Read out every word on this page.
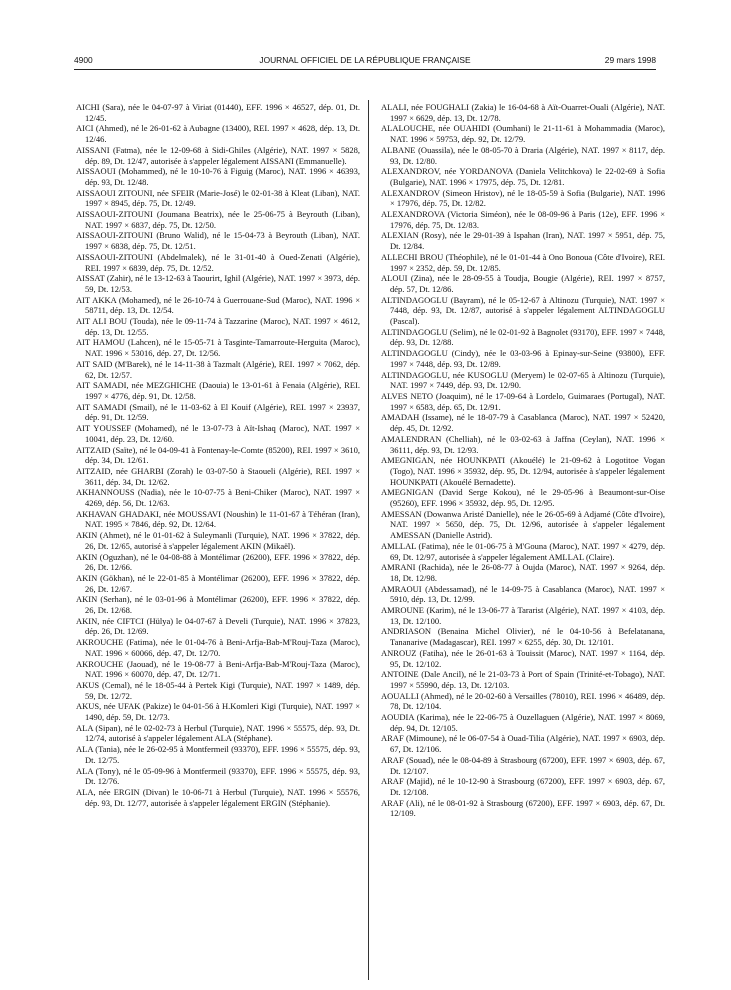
4900	JOURNAL OFFICIEL DE LA RÉPUBLIQUE FRANÇAISE	29 mars 1998

AICHI (Sara), née le 04-07-97 à Viriat (01440), EFF. 1996 × 46527, dép. 01, Dt. 12/45.

AICI (Ahmed), né le 26-01-62 à Aubagne (13400), REI. 1997 × 4628, dép. 13, Dt. 12/46.

AISSANI (Fatma), née le 12-09-68 à Sidi-Ghiles (Algérie), NAT. 1997 × 5828, dép. 89, Dt. 12/47, autorisée à s'appeler légalement AISSANI (Emmanuelle).

AISSAOUI (Mohammed), né le 10-10-76 à Figuig (Maroc), NAT. 1996 × 46393, dép. 93, Dt. 12/48.

AISSAOUI ZITOUNI, née SFEIR (Marie-José) le 02-01-38 à Kleat (Liban), NAT. 1997 × 8945, dép. 75, Dt. 12/49.

AISSAOUI-ZITOUNI (Joumana Beatrix), née le 25-06-75 à Beyrouth (Liban), NAT. 1997 × 6837, dép. 75, Dt. 12/50.

AISSAOUI-ZITOUNI (Bruno Walid), né le 15-04-73 à Beyrouth (Liban), NAT. 1997 × 6838, dép. 75, Dt. 12/51.

AISSAOUI-ZITOUNI (Abdelmalek), né le 31-01-40 à Oued-Zenati (Algérie), REI. 1997 × 6839, dép. 75, Dt. 12/52.

AISSAT (Zahir), né le 13-12-63 à Taourirt, Ighil (Algérie), NAT. 1997 × 3973, dép. 59, Dt. 12/53.

AIT AKKA (Mohamed), né le 26-10-74 à Guerrouane-Sud (Maroc), NAT. 1996 × 58711, dép. 13, Dt. 12/54.

AIT ALI BOU (Touda), née le 09-11-74 à Tazzarine (Maroc), NAT. 1997 × 4612, dép. 13, Dt. 12/55.

AIT HAMOU (Lahcen), né le 15-05-71 à Tasginte-Tamarroute-Herguita (Maroc), NAT. 1996 × 53016, dép. 27, Dt. 12/56.

AIT SAID (M'Barek), né le 14-11-38 à Tazmalt (Algérie), REI. 1997 × 7062, dép. 62, Dt. 12/57.

AIT SAMADI, née MEZGHICHE (Daouia) le 13-01-61 à Fenaia (Algérie), REI. 1997 × 4776, dép. 91, Dt. 12/58.

AIT SAMADI (Smail), né le 11-03-62 à El Kouif (Algérie), REI. 1997 × 23937, dép. 91, Dt. 12/59.

AIT YOUSSEF (Mohamed), né le 13-07-73 à Aït-Ishaq (Maroc), NAT. 1997 × 10041, dép. 23, Dt. 12/60.

AITZAID (Saïte), né le 04-09-41 à Fontenay-le-Comte (85200), REI. 1997 × 3610, dép. 34, Dt. 12/61.

AITZAID, née GHARBI (Zorah) le 03-07-50 à Staoueli (Algérie), REI. 1997 × 3611, dép. 34, Dt. 12/62.

AKHANNOUSS (Nadia), née le 10-07-75 à Beni-Chiker (Maroc), NAT. 1997 × 4269, dép. 56, Dt. 12/63.

AKHAVAN GHADAKI, née MOUSSAVI (Noushin) le 11-01-67 à Téhéran (Iran), NAT. 1995 × 7846, dép. 92, Dt. 12/64.

AKIN (Ahmet), né le 01-01-62 à Suleymanli (Turquie), NAT. 1996 × 37822, dép. 26, Dt. 12/65, autorisé à s'appeler légalement AKIN (Mikaël).

AKIN (Oguzhan), né le 04-08-88 à Montélimar (26200), EFF. 1996 × 37822, dép. 26, Dt. 12/66.

AKIN (Gökhan), né le 22-01-85 à Montélimar (26200), EFF. 1996 × 37822, dép. 26, Dt. 12/67.

AKIN (Serhan), né le 03-01-96 à Montélimar (26200), EFF. 1996 × 37822, dép. 26, Dt. 12/68.

AKIN, née CIFTCI (Hülya) le 04-07-67 à Develi (Turquie), NAT. 1996 × 37823, dép. 26, Dt. 12/69.

AKROUCHE (Fatima), née le 01-04-76 à Beni-Arfja-Bab-M'Rouj-Taza (Maroc), NAT. 1996 × 60066, dép. 47, Dt. 12/70.

AKROUCHE (Jaouad), né le 19-08-77 à Beni-Arfja-Bab-M'Rouj-Taza (Maroc), NAT. 1996 × 60070, dép. 47, Dt. 12/71.

AKUS (Cemal), né le 18-05-44 à Pertek Kigi (Turquie), NAT. 1997 × 1489, dép. 59, Dt. 12/72.

AKUS, née UFAK (Pakize) le 04-01-56 à H.Komleri Kigi (Turquie), NAT. 1997 × 1490, dép. 59, Dt. 12/73.

ALA (Sipan), né le 02-02-73 à Herbul (Turquie), NAT. 1996 × 55575, dép. 93, Dt. 12/74, autorisé à s'appeler légalement ALA (Stéphane).

ALA (Tania), née le 26-02-95 à Montfermeil (93370), EFF. 1996 × 55575, dép. 93, Dt. 12/75.

ALA (Tony), né le 05-09-96 à Montfermeil (93370), EFF. 1996 × 55575, dép. 93, Dt. 12/76.

ALA, née ERGIN (Divan) le 10-06-71 à Herbul (Turquie), NAT. 1996 × 55576, dép. 93, Dt. 12/77, autorisée à s'appeler légalement ERGIN (Stéphanie).

ALALI, née FOUGHALI (Zakia) le 16-04-68 à Aït-Ouarret-Ouali (Algérie), NAT. 1997 × 6629, dép. 13, Dt. 12/78.

ALALOUCHE, née OUAHIDI (Oumhani) le 21-11-61 à Mohammadia (Maroc), NAT. 1996 × 59753, dép. 92, Dt. 12/79.

ALBANE (Ouassila), née le 08-05-70 à Draria (Algérie), NAT. 1997 × 8117, dép. 93, Dt. 12/80.

ALEXANDROV, née YORDANOVA (Daniela Velitchkova) le 22-02-69 à Sofia (Bulgarie), NAT. 1996 × 17975, dép. 75, Dt. 12/81.

ALEXANDROV (Simeon Hristov), né le 18-05-59 à Sofia (Bulgarie), NAT. 1996 × 17976, dép. 75, Dt. 12/82.

ALEXANDROVA (Victoria Siméon), née le 08-09-96 à Paris (12e), EFF. 1996 × 17976, dép. 75, Dt. 12/83.

ALEXIAN (Rosy), née le 29-01-39 à Ispahan (Iran), NAT. 1997 × 5951, dép. 75, Dt. 12/84.

ALLECHI BROU (Théophile), né le 01-01-44 à Ono Bonoua (Côte d'Ivoire), REI. 1997 × 2352, dép. 59, Dt. 12/85.

ALOUI (Zina), née le 28-09-55 à Toudja, Bougie (Algérie), REI. 1997 × 8757, dép. 57, Dt. 12/86.

ALTINDAGOGLU (Bayram), né le 05-12-67 à Altinozu (Turquie), NAT. 1997 × 7448, dép. 93, Dt. 12/87, autorisé à s'appeler légalement ALTINDAGOGLU (Pascal).

ALTINDAGOGLU (Selim), né le 02-01-92 à Bagnolet (93170), EFF. 1997 × 7448, dép. 93, Dt. 12/88.

ALTINDAGOGLU (Cindy), née le 03-03-96 à Epinay-sur-Seine (93800), EFF. 1997 × 7448, dép. 93, Dt. 12/89.

ALTINDAGOGLU, née KUSOGLU (Meryem) le 02-07-65 à Altinozu (Turquie), NAT. 1997 × 7449, dép. 93, Dt. 12/90.

ALVES NETO (Joaquim), né le 17-09-64 à Lordelo, Guimaraes (Portugal), NAT. 1997 × 6583, dép. 65, Dt. 12/91.

AMADAH (Issame), né le 18-07-79 à Casablanca (Maroc), NAT. 1997 × 52420, dép. 45, Dt. 12/92.

AMALENDRAN (Chelliah), né le 03-02-63 à Jaffna (Ceylan), NAT. 1996 × 36111, dép. 93, Dt. 12/93.

AMEGNIGAN, née HOUNKPATI (Akouélé) le 21-09-62 à Logotitoe Vogan (Togo), NAT. 1996 × 35932, dép. 95, Dt. 12/94, autorisée à s'appeler légalement HOUNKPATI (Akouélé Bernadette).

AMEGNIGAN (David Serge Kokou), né le 29-05-96 à Beaumont-sur-Oise (95260), EFF. 1996 × 35932, dép. 95, Dt. 12/95.

AMESSAN (Dowanwa Aristé Danielle), née le 26-05-69 à Adjamé (Côte d'Ivoire), NAT. 1997 × 5650, dép. 75, Dt. 12/96, autorisée à s'appeler légalement AMESSAN (Danielle Astrid).

AMLLAL (Fatima), née le 01-06-75 à M'Gouna (Maroc), NAT. 1997 × 4279, dép. 69, Dt. 12/97, autorisée à s'appeler légalement AMLLAL (Claire).

AMRANI (Rachida), née le 26-08-77 à Oujda (Maroc), NAT. 1997 × 9264, dép. 18, Dt. 12/98.

AMRAOUI (Abdessamad), né le 14-09-75 à Casablanca (Maroc), NAT. 1997 × 5910, dép. 13, Dt. 12/99.

AMROUNE (Karim), né le 13-06-77 à Tararist (Algérie), NAT. 1997 × 4103, dép. 13, Dt. 12/100.

ANDRIASON (Benaina Michel Olivier), né le 04-10-56 à Befelatanana, Tananarive (Madagascar), REI. 1997 × 6255, dép. 30, Dt. 12/101.

ANROUZ (Fatiha), née le 26-01-63 à Touissit (Maroc), NAT. 1997 × 1164, dép. 95, Dt. 12/102.

ANTOINE (Dale Ancil), né le 21-03-73 à Port of Spain (Trinité-et-Tobago), NAT. 1997 × 55990, dép. 13, Dt. 12/103.

AOUALLI (Ahmed), né le 20-02-60 à Versailles (78010), REI. 1996 × 46489, dép. 78, Dt. 12/104.

AOUDIA (Karima), née le 22-06-75 à Ouzellaguen (Algérie), NAT. 1997 × 8069, dép. 94, Dt. 12/105.

ARAF (Mimoune), né le 06-07-54 à Ouad-Tilia (Algérie), NAT. 1997 × 6903, dép. 67, Dt. 12/106.

ARAF (Souad), née le 08-04-89 à Strasbourg (67200), EFF. 1997 × 6903, dép. 67, Dt. 12/107.

ARAF (Majid), né le 10-12-90 à Strasbourg (67200), EFF. 1997 × 6903, dép. 67, Dt. 12/108.

ARAF (Ali), né le 08-01-92 à Strasbourg (67200), EFF. 1997 × 6903, dép. 67, Dt. 12/109.
